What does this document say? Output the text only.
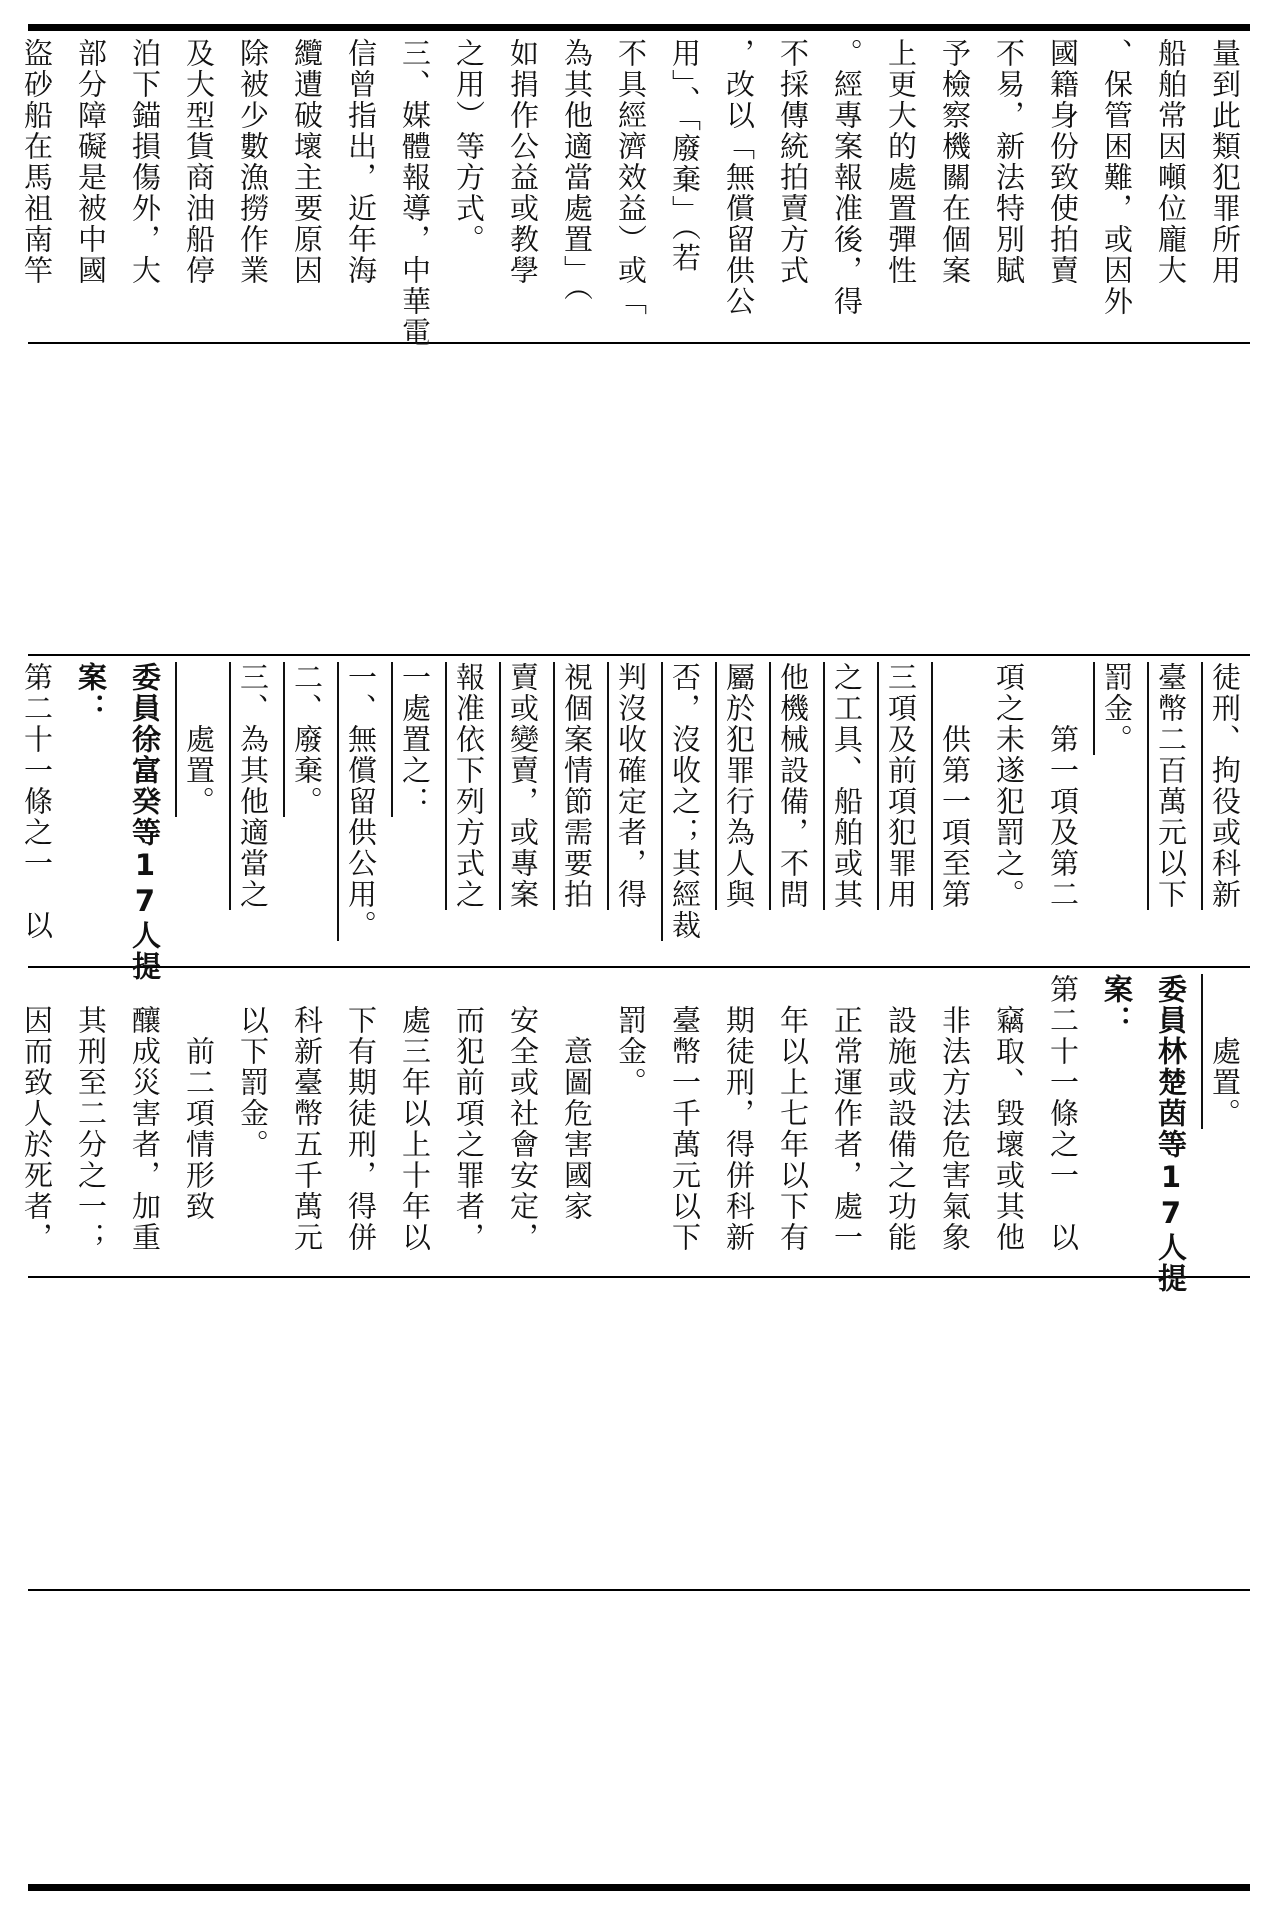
量到此類犯罪所用
船舶常因噸位龐大
、保管困難，或因外
國籍身份致使拍賣
不易，新法特別賦
予檢察機關在個案
上更大的處置彈性
。經專案報准後，得
不採傳統拍賣方式
，改以「無償留供公
用」、「廢棄」（若
不具經濟效益）或「
為其他適當處置」（
如捐作公益或教學
之用）等方式。
三、媒體報導，中華電
信曾指出，近年海
纜遭破壞主要原因
除被少數漁撈作業
及大型貨商油船停
泊下錨損傷外，大
部分障礙是被中國
盜砂船在馬祖南竿
徒刑、拘役或科新
臺幣二百萬元以下
罰金。
　　第一項及第二
項之未遂犯罰之。
　　供第一項至第
三項及前項犯罪用
之工具、船舶或其
他機械設備，不問
屬於犯罪行為人與
否，沒收之；其經裁
判沒收確定者，得
視個案情節需要拍
賣或變賣，或專案
報准依下列方式之
一處置之：
一、無償留供公用。
二、廢棄。
三、為其他適當之
　　處置。
委員徐富癸等17人提
案：
第二十一條之一　以
　　處置。
委員林楚茵等17人提
案：
第二十一條之一　以
　竊取、毀壞或其他
　非法方法危害氣象
　設施或設備之功能
　正常運作者，處一
　年以上七年以下有
　期徒刑，得併科新
　臺幣一千萬元以下
　罰金。
　　意圖危害國家
　安全或社會安定，
　而犯前項之罪者，
　處三年以上十年以
　下有期徒刑，得併
　科新臺幣五千萬元
　以下罰金。
　　前二項情形致
　釀成災害者，加重
　其刑至二分之一；
　因而致人於死者，
